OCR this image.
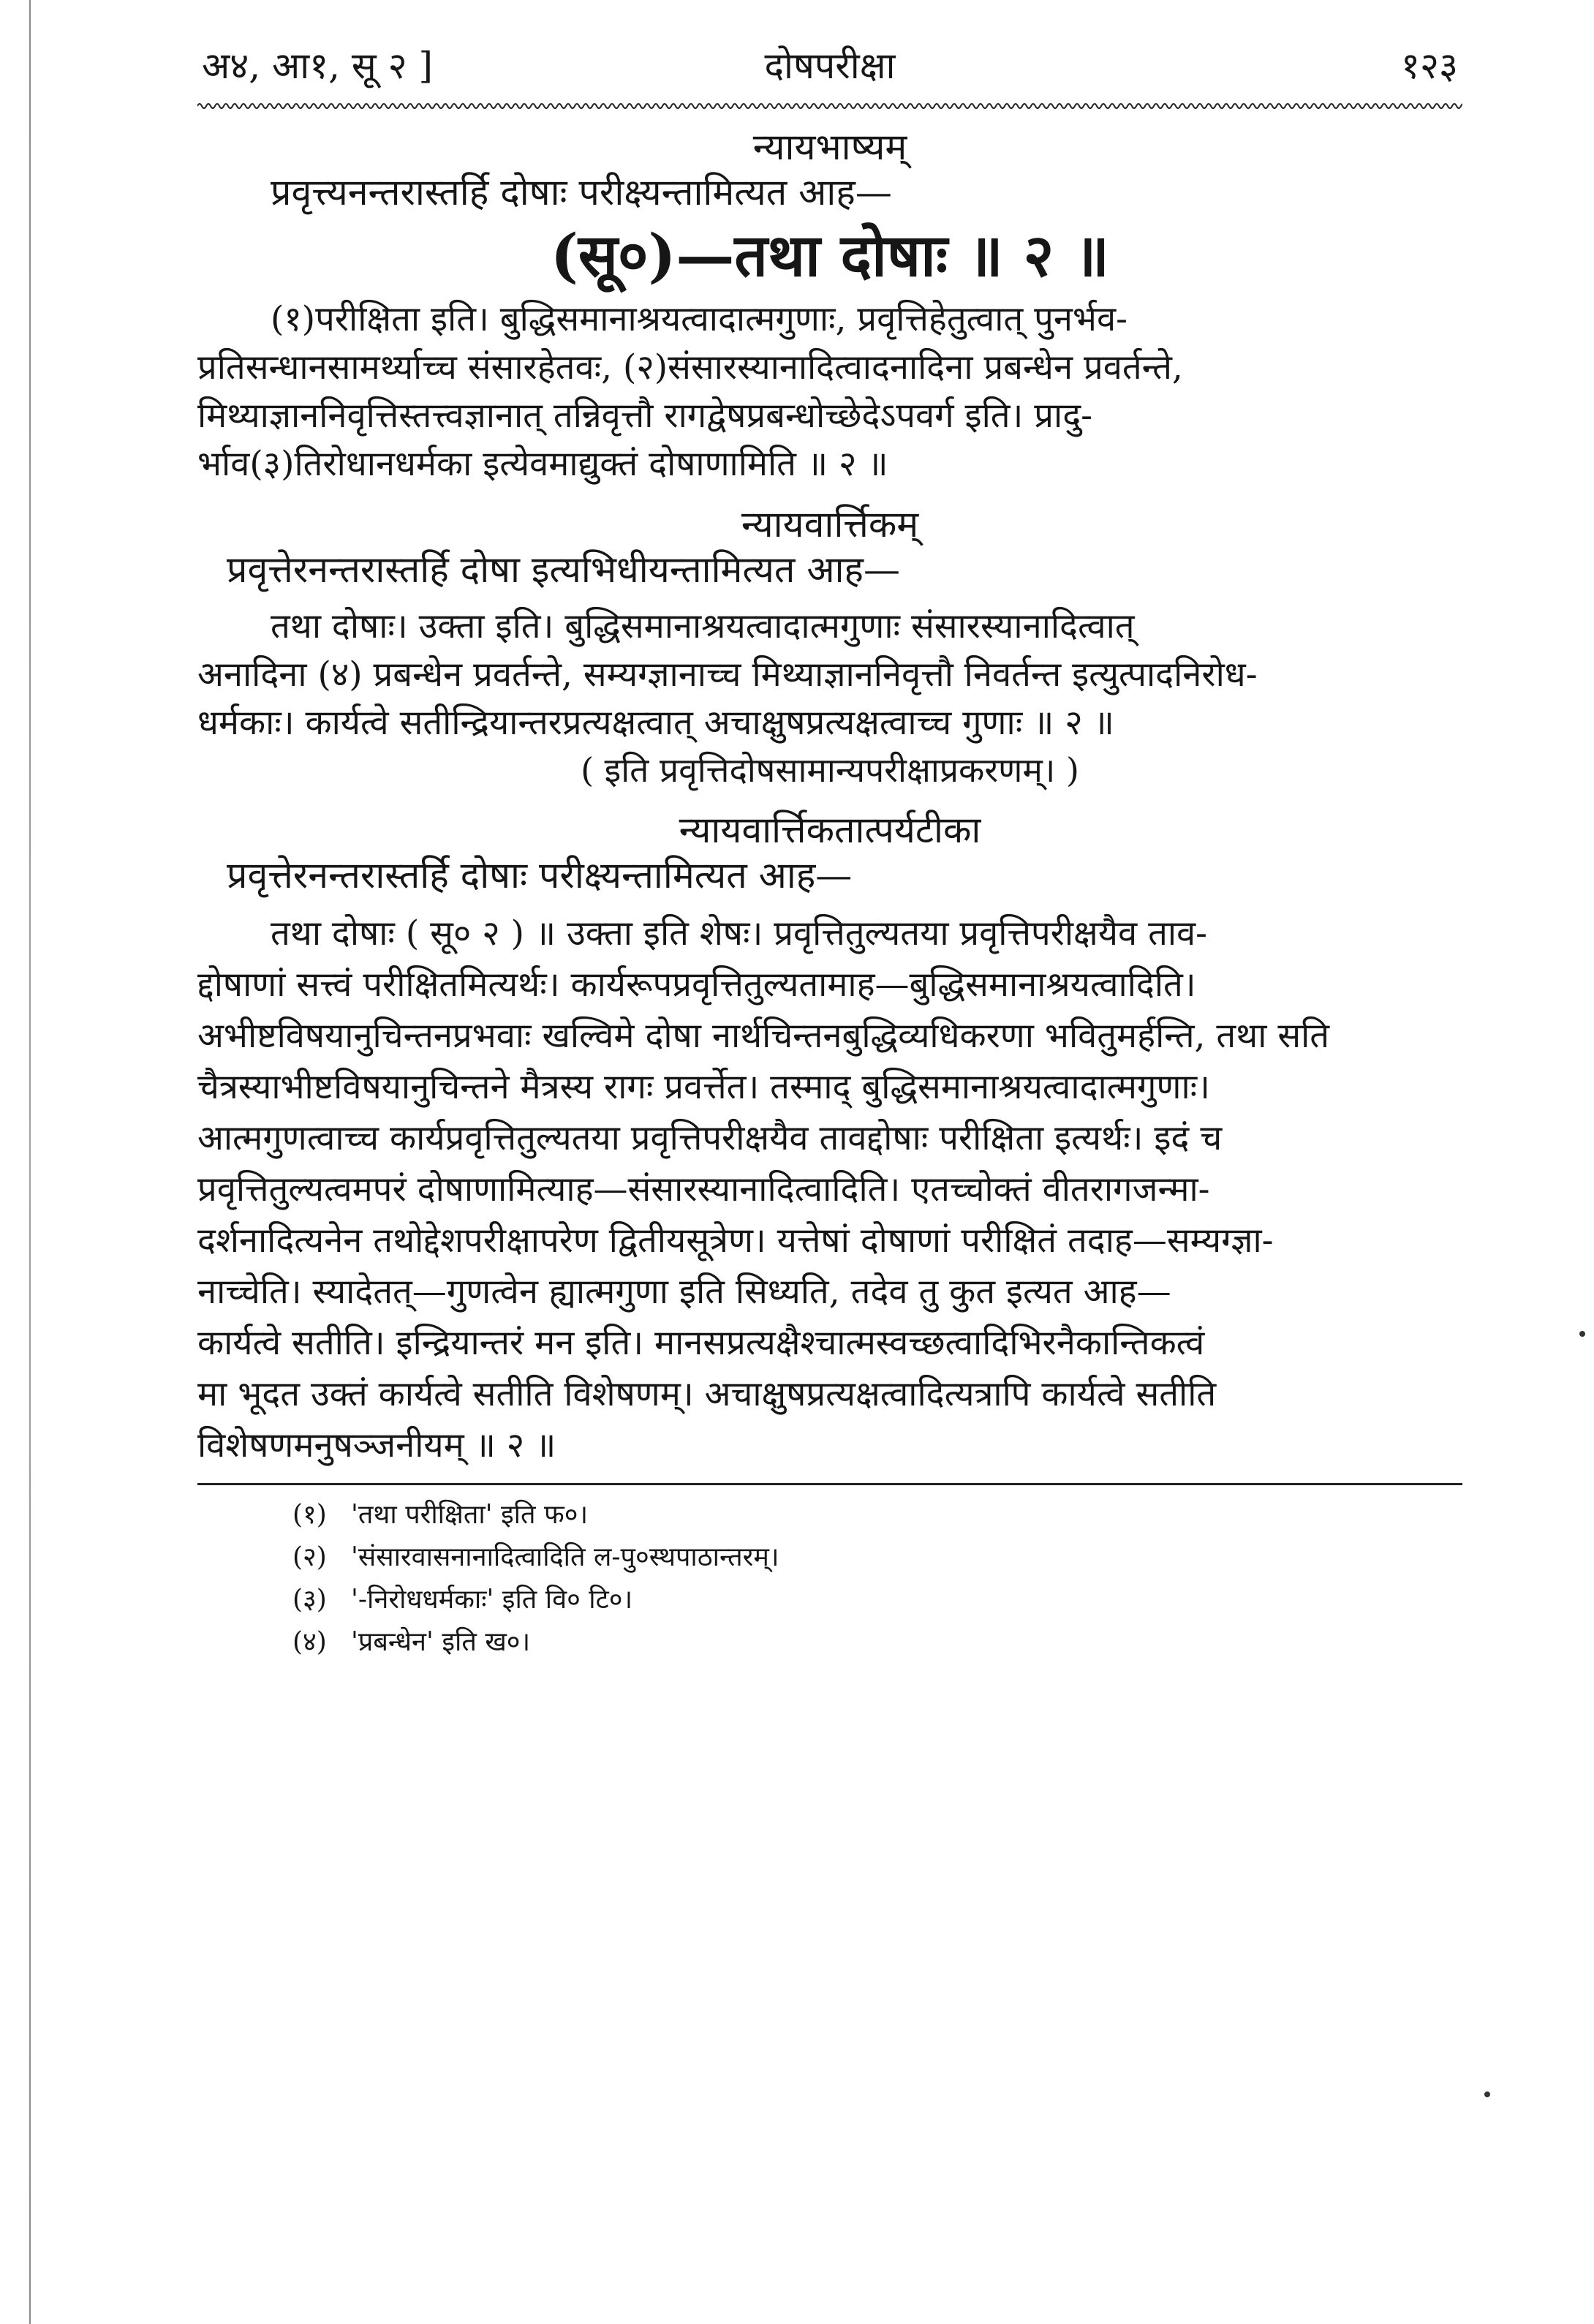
अ४, आ१, सू २ ]	दोषपरीक्षा	१२३

न्यायभाष्यम्

प्रवृत्त्यनन्तरास्तर्हि दोषाः परीक्ष्यन्तामित्यत आह—

(सू०)—तथा दोषाः ॥ २ ॥

(१)परीक्षिता इति। बुद्धिसमानाश्रयत्वादात्मगुणाः, प्रवृत्तिहेतुत्वात् पुनर्भव-
प्रतिसन्धानसामर्थ्याच्च संसारहेतवः, (२)संसारस्यानादित्वादनादिना प्रबन्धेन प्रवर्तन्ते,
मिथ्याज्ञाननिवृत्तिस्तत्त्वज्ञानात् तन्निवृत्तौ रागद्वेषप्रबन्धोच्छेदेऽपवर्ग इति। प्रादु-
र्भाव(३)तिरोधानधर्मका इत्येवमाद्युक्तं दोषाणामिति ॥ २ ॥

न्यायवार्त्तिकम्

प्रवृत्तेरनन्तरास्तर्हि दोषा इत्यभिधीयन्तामित्यत आह—

तथा दोषाः। उक्ता इति। बुद्धिसमानाश्रयत्वादात्मगुणाः संसारस्यानादित्वात्
अनादिना (४) प्रबन्धेन प्रवर्तन्ते, सम्यग्ज्ञानाच्च मिथ्याज्ञाननिवृत्तौ निवर्तन्त इत्युत्पादनिरोध-
धर्मकाः। कार्यत्वे सतीन्द्रियान्तरप्रत्यक्षत्वात् अचाक्षुषप्रत्यक्षत्वाच्च गुणाः ॥ २ ॥

( इति प्रवृत्तिदोषसामान्यपरीक्षाप्रकरणम्। )

न्यायवार्त्तिकतात्पर्यटीका

प्रवृत्तेरनन्तरास्तर्हि दोषाः परीक्ष्यन्तामित्यत आह—

तथा दोषाः ( सू० २ ) ॥ उक्ता इति शेषः। प्रवृत्तितुल्यतया प्रवृत्तिपरीक्षयैव ताव-
द्दोषाणां सत्त्वं परीक्षितमित्यर्थः। कार्यरूपप्रवृत्तितुल्यतामाह—बुद्धिसमानाश्रयत्वादिति।
अभीष्टविषयानुचिन्तनप्रभवाः खल्विमे दोषा नार्थचिन्तनबुद्धिव्यधिकरणा भवितुमर्हन्ति, तथा सति
चैत्रस्याभीष्टविषयानुचिन्तने मैत्रस्य रागः प्रवर्त्तेत। तस्माद् बुद्धिसमानाश्रयत्वादात्मगुणाः।
आत्मगुणत्वाच्च कार्यप्रवृत्तितुल्यतया प्रवृत्तिपरीक्षयैव तावद्दोषाः परीक्षिता इत्यर्थः। इदं च
प्रवृत्तितुल्यत्वमपरं दोषाणामित्याह—संसारस्यानादित्वादिति। एतच्चोक्तं वीतरागजन्मा-
दर्शनादित्यनेन तथोद्देशपरीक्षापरेण द्वितीयसूत्रेण। यत्तेषां दोषाणां परीक्षितं तदाह—सम्यग्ज्ञा-
नाच्चेति। स्यादेतत्—गुणत्वेन ह्यात्मगुणा इति सिध्यति, तदेव तु कुत इत्यत आह—
कार्यत्वे सतीति। इन्द्रियान्तरं मन इति। मानसप्रत्यक्षैश्चात्मस्वच्छत्वादिभिरनैकान्तिकत्वं
मा भूदत उक्तं कार्यत्वे सतीति विशेषणम्। अचाक्षुषप्रत्यक्षत्वादित्यत्रापि कार्यत्वे सतीति
विशेषणमनुषञ्जनीयम् ॥ २ ॥

(१) 'तथा परीक्षिता' इति फ०।

(२) 'संसारवासनानादित्वादिति ल-पु०स्थपाठान्तरम्।

(३) '-निरोधधर्मकाः' इति वि० टि०।

(४) 'प्रबन्धेन' इति ख०।
